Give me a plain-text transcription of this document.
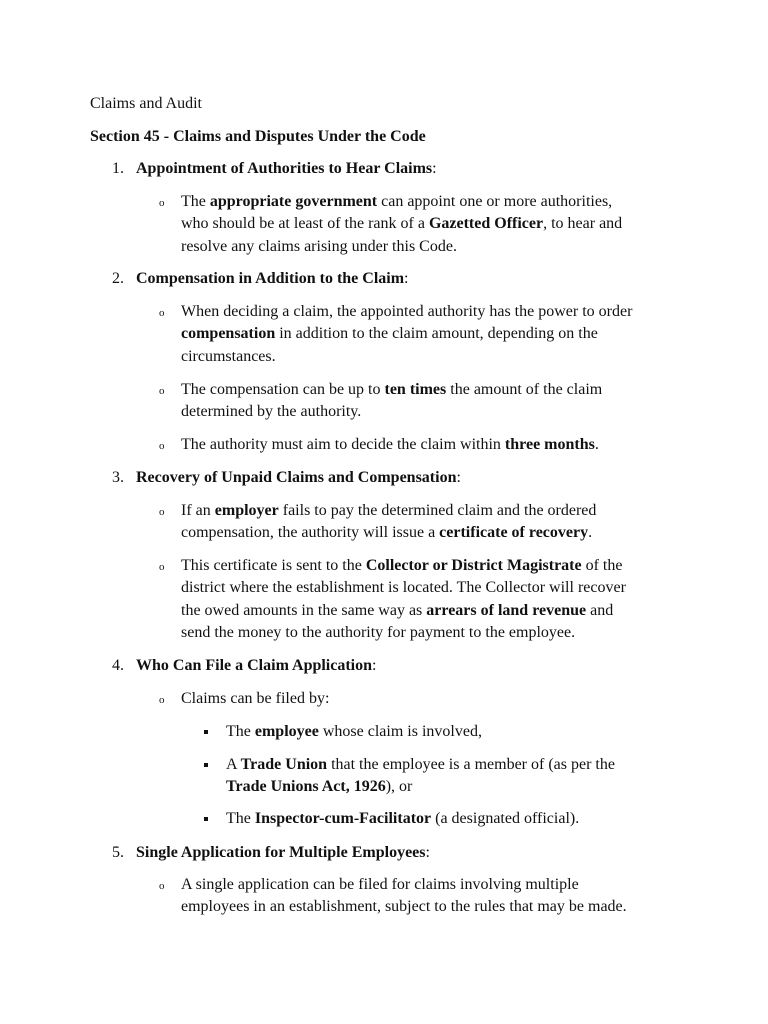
Claims and Audit
Section 45 - Claims and Disputes Under the Code
1. Appointment of Authorities to Hear Claims:
o The appropriate government can appoint one or more authorities,
who should be at least of the rank of a Gazetted Officer, to hear and
resolve any claims arising under this Code.
2. Compensation in Addition to the Claim:
o When deciding a claim, the appointed authority has the power to order
compensation in addition to the claim amount, depending on the
circumstances.
o The compensation can be up to ten times the amount of the claim
determined by the authority.
o The authority must aim to decide the claim within three months.
3. Recovery of Unpaid Claims and Compensation:
o If an employer fails to pay the determined claim and the ordered
compensation, the authority will issue a certificate of recovery.
o This certificate is sent to the Collector or District Magistrate of the
district where the establishment is located. The Collector will recover
the owed amounts in the same way as arrears of land revenue and
send the money to the authority for payment to the employee.
4. Who Can File a Claim Application:
o Claims can be filed by:
The employee whose claim is involved,
A Trade Union that the employee is a member of (as per the
Trade Unions Act, 1926), or
The Inspector-cum-Facilitator (a designated official).
5. Single Application for Multiple Employees:
o A single application can be filed for claims involving multiple
employees in an establishment, subject to the rules that may be made.
